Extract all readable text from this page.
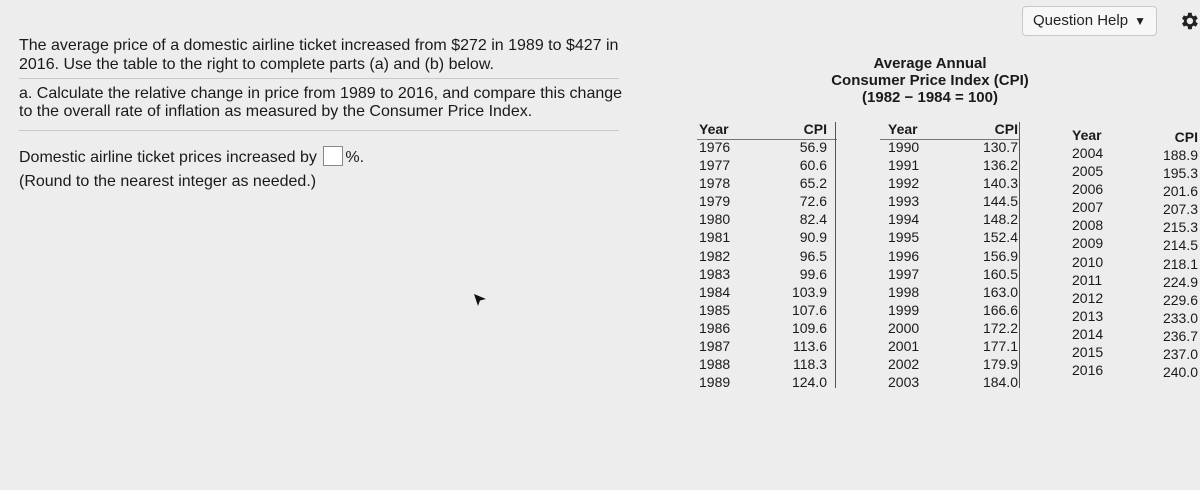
Question Help ▼
The average price of a domestic airline ticket increased from $272 in 1989 to $427 in 2016. Use the table to the right to complete parts (a) and (b) below.
a. Calculate the relative change in price from 1989 to 2016, and compare this change to the overall rate of inflation as measured by the Consumer Price Index.
Domestic airline ticket prices increased by %.
(Round to the nearest integer as needed.)
Average Annual
Consumer Price Index (CPI)
(1982 − 1984 = 100)
Year
1976
1977
1978
1979
1980
1981
1982
1983
1984
1985
1986
1987
1988
1989
CPI
56.9
60.6
65.2
72.6
82.4
90.9
96.5
99.6
103.9
107.6
109.6
113.6
118.3
124.0
Year
1990
1991
1992
1993
1994
1995
1996
1997
1998
1999
2000
2001
2002
2003
CPI
130.7
136.2
140.3
144.5
148.2
152.4
156.9
160.5
163.0
166.6
172.2
177.1
179.9
184.0
Year
2004
2005
2006
2007
2008
2009
2010
2011
2012
2013
2014
2015
2016
CPI
188.9
195.3
201.6
207.3
215.3
214.5
218.1
224.9
229.6
233.0
236.7
237.0
240.0
